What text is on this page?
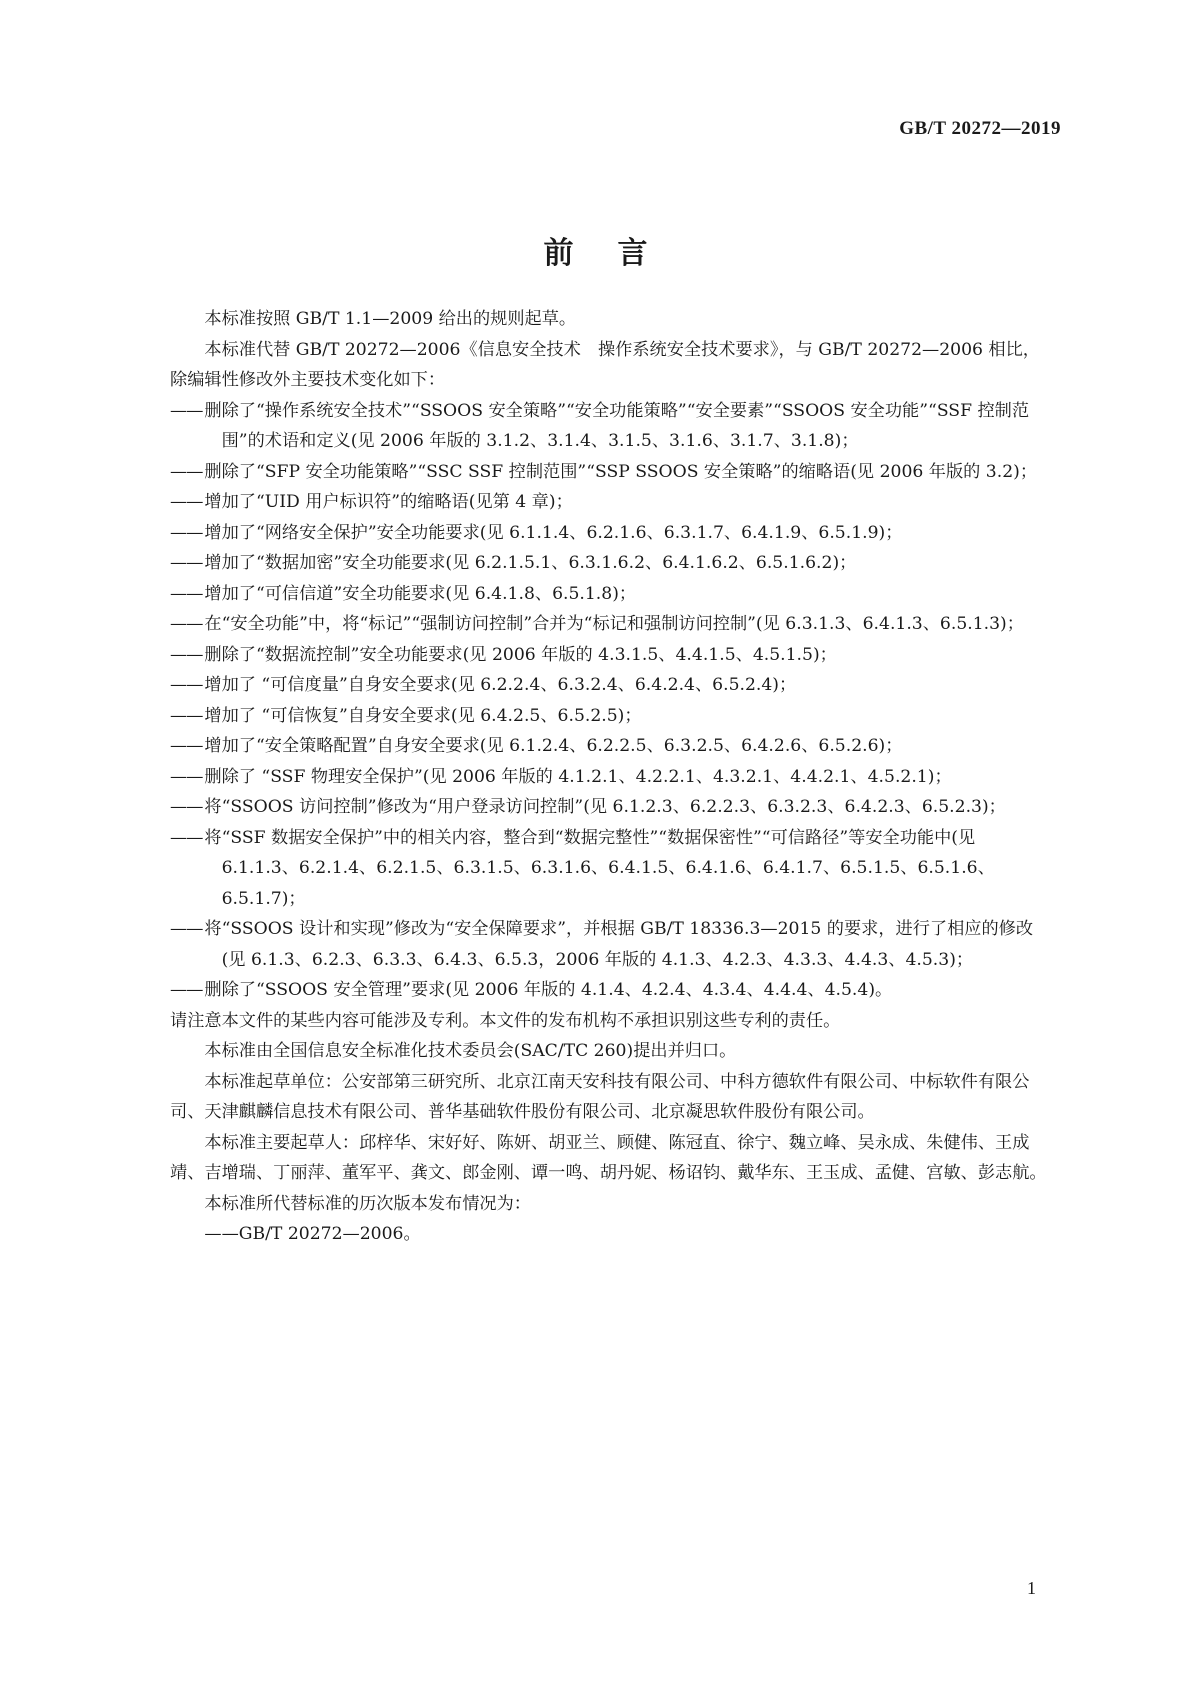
GB/T 20272—2019
前言

本标准按照 GB/T 1.1—2009 给出的规则起草。

本标准代替 GB/T 20272—2006《信息安全技术　操作系统安全技术要求》，与 GB/T 20272—2006 相比，除编辑性修改外主要技术变化如下：

—— 删除了“操作系统安全技术”“SSOOS 安全策略”“安全功能策略”“安全要素”“SSOOS 安全功能”“SSF 控制范围”的术语和定义(见 2006 年版的 3.1.2、3.1.4、3.1.5、3.1.6、3.1.7、3.1.8)；

—— 删除了“SFP 安全功能策略”“SSC SSF 控制范围”“SSP SSOOS 安全策略”的缩略语(见 2006 年版的 3.2)；

—— 增加了“UID 用户标识符”的缩略语(见第 4 章)；

—— 增加了“网络安全保护”安全功能要求(见 6.1.1.4、6.2.1.6、6.3.1.7、6.4.1.9、6.5.1.9)；

—— 增加了“数据加密”安全功能要求(见 6.2.1.5.1、6.3.1.6.2、6.4.1.6.2、6.5.1.6.2)；

—— 增加了“可信信道”安全功能要求(见 6.4.1.8、6.5.1.8)；

—— 在“安全功能”中，将“标记”“强制访问控制”合并为“标记和强制访问控制”(见 6.3.1.3、6.4.1.3、6.5.1.3)；

—— 删除了“数据流控制”安全功能要求(见 2006 年版的 4.3.1.5、4.4.1.5、4.5.1.5)；

—— 增加了 “可信度量”自身安全要求(见 6.2.2.4、6.3.2.4、6.4.2.4、6.5.2.4)；

—— 增加了 “可信恢复”自身安全要求(见 6.4.2.5、6.5.2.5)；

—— 增加了“安全策略配置”自身安全要求(见 6.1.2.4、6.2.2.5、6.3.2.5、6.4.2.6、6.5.2.6)；

—— 删除了 “SSF 物理安全保护”(见 2006 年版的 4.1.2.1、4.2.2.1、4.3.2.1、4.4.2.1、4.5.2.1)；

—— 将“SSOOS 访问控制”修改为“用户登录访问控制”(见 6.1.2.3、6.2.2.3、6.3.2.3、6.4.2.3、6.5.2.3)；

—— 将“SSF 数据安全保护”中的相关内容，整合到“数据完整性”“数据保密性”“可信路径”等安全功能中(见 6.1.1.3、6.2.1.4、6.2.1.5、6.3.1.5、6.3.1.6、6.4.1.5、6.4.1.6、6.4.1.7、6.5.1.5、6.5.1.6、6.5.1.7)；

—— 将“SSOOS 设计和实现”修改为“安全保障要求”，并根据 GB/T 18336.3—2015 的要求，进行了相应的修改(见 6.1.3、6.2.3、6.3.3、6.4.3、6.5.3，2006 年版的 4.1.3、4.2.3、4.3.3、4.4.3、4.5.3)；

—— 删除了“SSOOS 安全管理”要求(见 2006 年版的 4.1.4、4.2.4、4.3.4、4.4.4、4.5.4)。

请注意本文件的某些内容可能涉及专利。本文件的发布机构不承担识别这些专利的责任。

本标准由全国信息安全标准化技术委员会(SAC/TC 260)提出并归口。

本标准起草单位：公安部第三研究所、北京江南天安科技有限公司、中科方德软件有限公司、中标软件有限公司、天津麒麟信息技术有限公司、普华基础软件股份有限公司、北京凝思软件股份有限公司。

本标准主要起草人：邱梓华、宋好好、陈妍、胡亚兰、顾健、陈冠直、徐宁、魏立峰、吴永成、朱健伟、王成靖、吉增瑞、丁丽萍、董军平、龚文、郎金刚、谭一鸣、胡丹妮、杨诏钧、戴华东、王玉成、孟健、宫敏、彭志航。

本标准所代替标准的历次版本发布情况为：

——GB/T 20272—2006。

1
